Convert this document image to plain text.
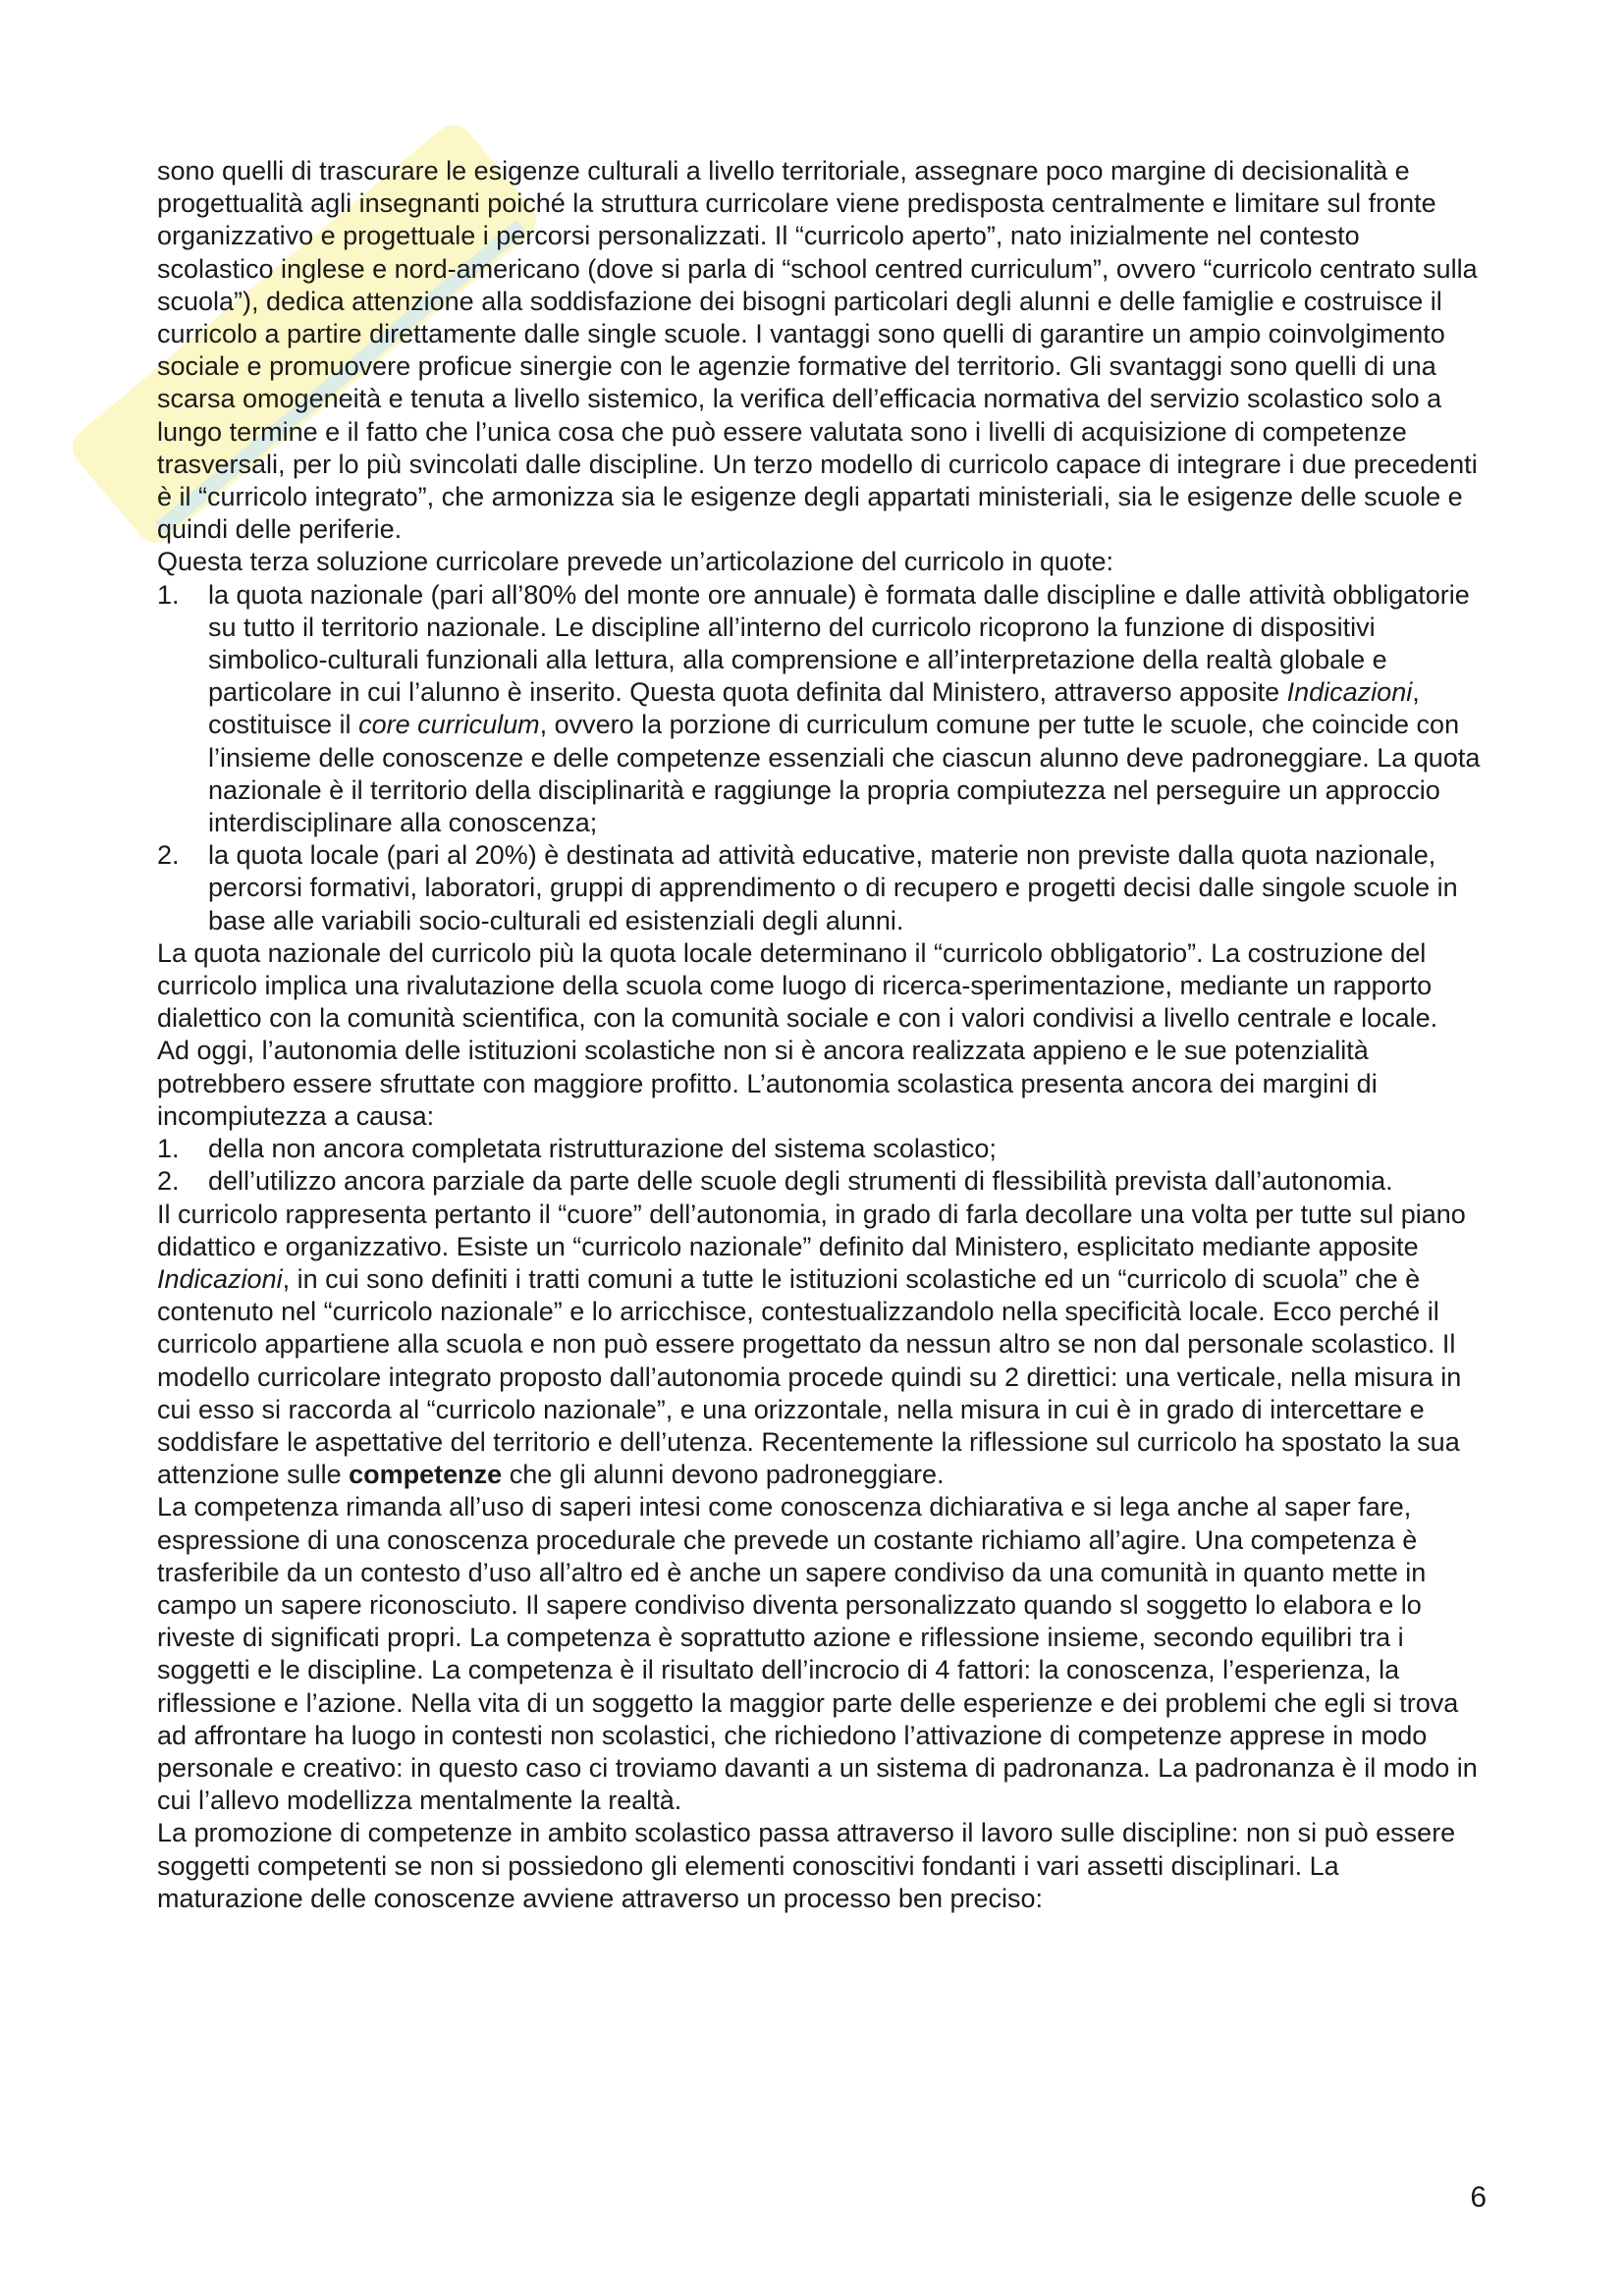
sono quelli di trascurare le esigenze culturali a livello territoriale, assegnare poco margine di decisionalità e progettualità agli insegnanti poiché la struttura curricolare viene predisposta centralmente e limitare sul fronte organizzativo e progettuale i percorsi personalizzati. Il “curricolo aperto”, nato inizialmente nel contesto scolastico inglese e nord-americano (dove si parla di “school centred curriculum”, ovvero “curricolo centrato sulla scuola”), dedica attenzione alla soddisfazione dei bisogni particolari degli alunni e delle famiglie e costruisce il curricolo a partire direttamente dalle single scuole. I vantaggi sono quelli di garantire un ampio coinvolgimento sociale e promuovere proficue sinergie con le agenzie formative del territorio. Gli svantaggi sono quelli di una scarsa omogeneità e tenuta a livello sistemico, la verifica dell’efficacia normativa del servizio scolastico solo a lungo termine e il fatto che l’unica cosa che può essere valutata sono i livelli di acquisizione di competenze trasversali, per lo più svincolati dalle discipline. Un terzo modello di curricolo capace di integrare i due precedenti è il “curricolo integrato”, che armonizza sia le esigenze degli appartati ministeriali, sia le esigenze delle scuole e quindi delle periferie.

Questa terza soluzione curricolare prevede un’articolazione del curricolo in quote:

1. la quota nazionale (pari all’80% del monte ore annuale) è formata dalle discipline e dalle attività obbligatorie su tutto il territorio nazionale. Le discipline all’interno del curricolo ricoprono la funzione di dispositivi simbolico-culturali funzionali alla lettura, alla comprensione e all’interpretazione della realtà globale e particolare in cui l’alunno è inserito. Questa quota definita dal Ministero, attraverso apposite Indicazioni, costituisce il core curriculum, ovvero la porzione di curriculum comune per tutte le scuole, che coincide con l’insieme delle conoscenze e delle competenze essenziali che ciascun alunno deve padroneggiare. La quota nazionale è il territorio della disciplinarità e raggiunge la propria compiutezza nel perseguire un approccio interdisciplinare alla conoscenza;
2. la quota locale (pari al 20%) è destinata ad attività educative, materie non previste dalla quota nazionale, percorsi formativi, laboratori, gruppi di apprendimento o di recupero e progetti decisi dalle singole scuole in base alle variabili socio-culturali ed esistenziali degli alunni.

La quota nazionale del curricolo più la quota locale determinano il “curricolo obbligatorio”. La costruzione del curricolo implica una rivalutazione della scuola come luogo di ricerca-sperimentazione, mediante un rapporto dialettico con la comunità scientifica, con la comunità sociale e con i valori condivisi a livello centrale e locale.

Ad oggi, l’autonomia delle istituzioni scolastiche non si è ancora realizzata appieno e le sue potenzialità potrebbero essere sfruttate con maggiore profitto. L’autonomia scolastica presenta ancora dei margini di incompiutezza a causa:

1. della non ancora completata ristrutturazione del sistema scolastico;
2. dell’utilizzo ancora parziale da parte delle scuole degli strumenti di flessibilità prevista dall’autonomia.

Il curricolo rappresenta pertanto il “cuore” dell’autonomia, in grado di farla decollare una volta per tutte sul piano didattico e organizzativo. Esiste un “curricolo nazionale” definito dal Ministero, esplicitato mediante apposite Indicazioni, in cui sono definiti i tratti comuni a tutte le istituzioni scolastiche ed un “curricolo di scuola” che è contenuto nel “curricolo nazionale” e lo arricchisce, contestualizzandolo nella specificità locale. Ecco perché il curricolo appartiene alla scuola e non può essere progettato da nessun altro se non dal personale scolastico. Il modello curricolare integrato proposto dall’autonomia procede quindi su 2 direttici: una verticale, nella misura in cui esso si raccorda al “curricolo nazionale”, e una orizzontale, nella misura in cui è in grado di intercettare e soddisfare le aspettative del territorio e dell’utenza. Recentemente la riflessione sul curricolo ha spostato la sua attenzione sulle competenze che gli alunni devono padroneggiare.

La competenza rimanda all’uso di saperi intesi come conoscenza dichiarativa e si lega anche al saper fare, espressione di una conoscenza procedurale che prevede un costante richiamo all’agire. Una competenza è trasferibile da un contesto d’uso all’altro ed è anche un sapere condiviso da una comunità in quanto mette in campo un sapere riconosciuto. Il sapere condiviso diventa personalizzato quando sl soggetto lo elabora e lo riveste di significati propri. La competenza è soprattutto azione e riflessione insieme, secondo equilibri tra i soggetti e le discipline. La competenza è il risultato dell’incrocio di 4 fattori: la conoscenza, l’esperienza, la riflessione e l’azione. Nella vita di un soggetto la maggior parte delle esperienze e dei problemi che egli si trova ad affrontare ha luogo in contesti non scolastici, che richiedono l’attivazione di competenze apprese in modo personale e creativo: in questo caso ci troviamo davanti a un sistema di padronanza. La padronanza è il modo in cui l’allevo modellizza mentalmente la realtà.

La promozione di competenze in ambito scolastico passa attraverso il lavoro sulle discipline: non si può essere soggetti competenti se non si possiedono gli elementi conoscitivi fondanti i vari assetti disciplinari. La maturazione delle conoscenze avviene attraverso un processo ben preciso:

6
